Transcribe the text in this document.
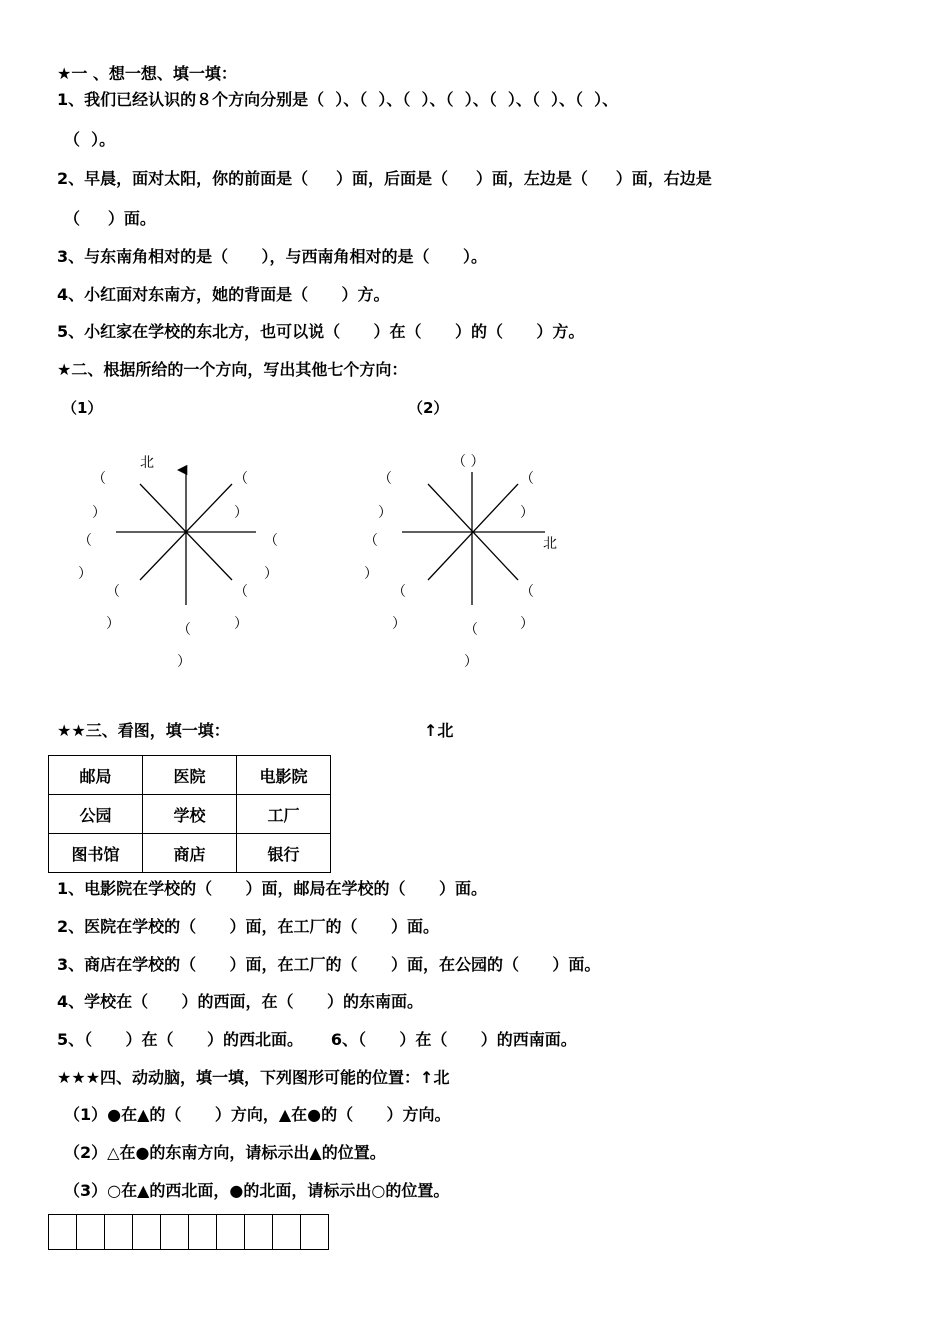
★一 、想一想、填一填：
1、我们已经认识的８个方向分别是（  ）、（  ）、（  ）、（  ）、（  ）、（  ）、（  ）、
（  ）。
2、早晨，面对太阳，你的前面是（     ）面，后面是（     ）面，左边是（     ）面，右边是
（     ）面。
3、与东南角相对的是（      ），与西南角相对的是（      ）。
4、小红面对东南方，她的背面是（      ）方。
5、小红家在学校的东北方，也可以说（      ）在（      ）的（      ）方。
★二、根据所给的一个方向，写出其他七个方向：
（1）	（2）
北
（
）
（
）
（
）
（
）
（
）
（
）
（
）
（ ）
北
（
）
（
）
（
）
（
）
（
）
（
）
★★三、看图，填一填：	↑北
邮局	医院	电影院
公园	学校	工厂
图书馆	商店	银行
1、电影院在学校的（      ）面，邮局在学校的（      ）面。
2、医院在学校的（      ）面，在工厂的（      ）面。
3、商店在学校的（      ）面，在工厂的（      ）面，在公园的（      ）面。
4、学校在（      ）的西面，在（      ）的东南面。
5、（      ）在（      ）的西北面。     6、（      ）在（      ）的西南面。
★★★四、动动脑，填一填，下列图形可能的位置：↑北
（1）●在▲的（      ）方向，▲在●的（      ）方向。
（2）△在●的东南方向，请标示出▲的位置。
（3）○在▲的西北面，●的北面，请标示出○的位置。
